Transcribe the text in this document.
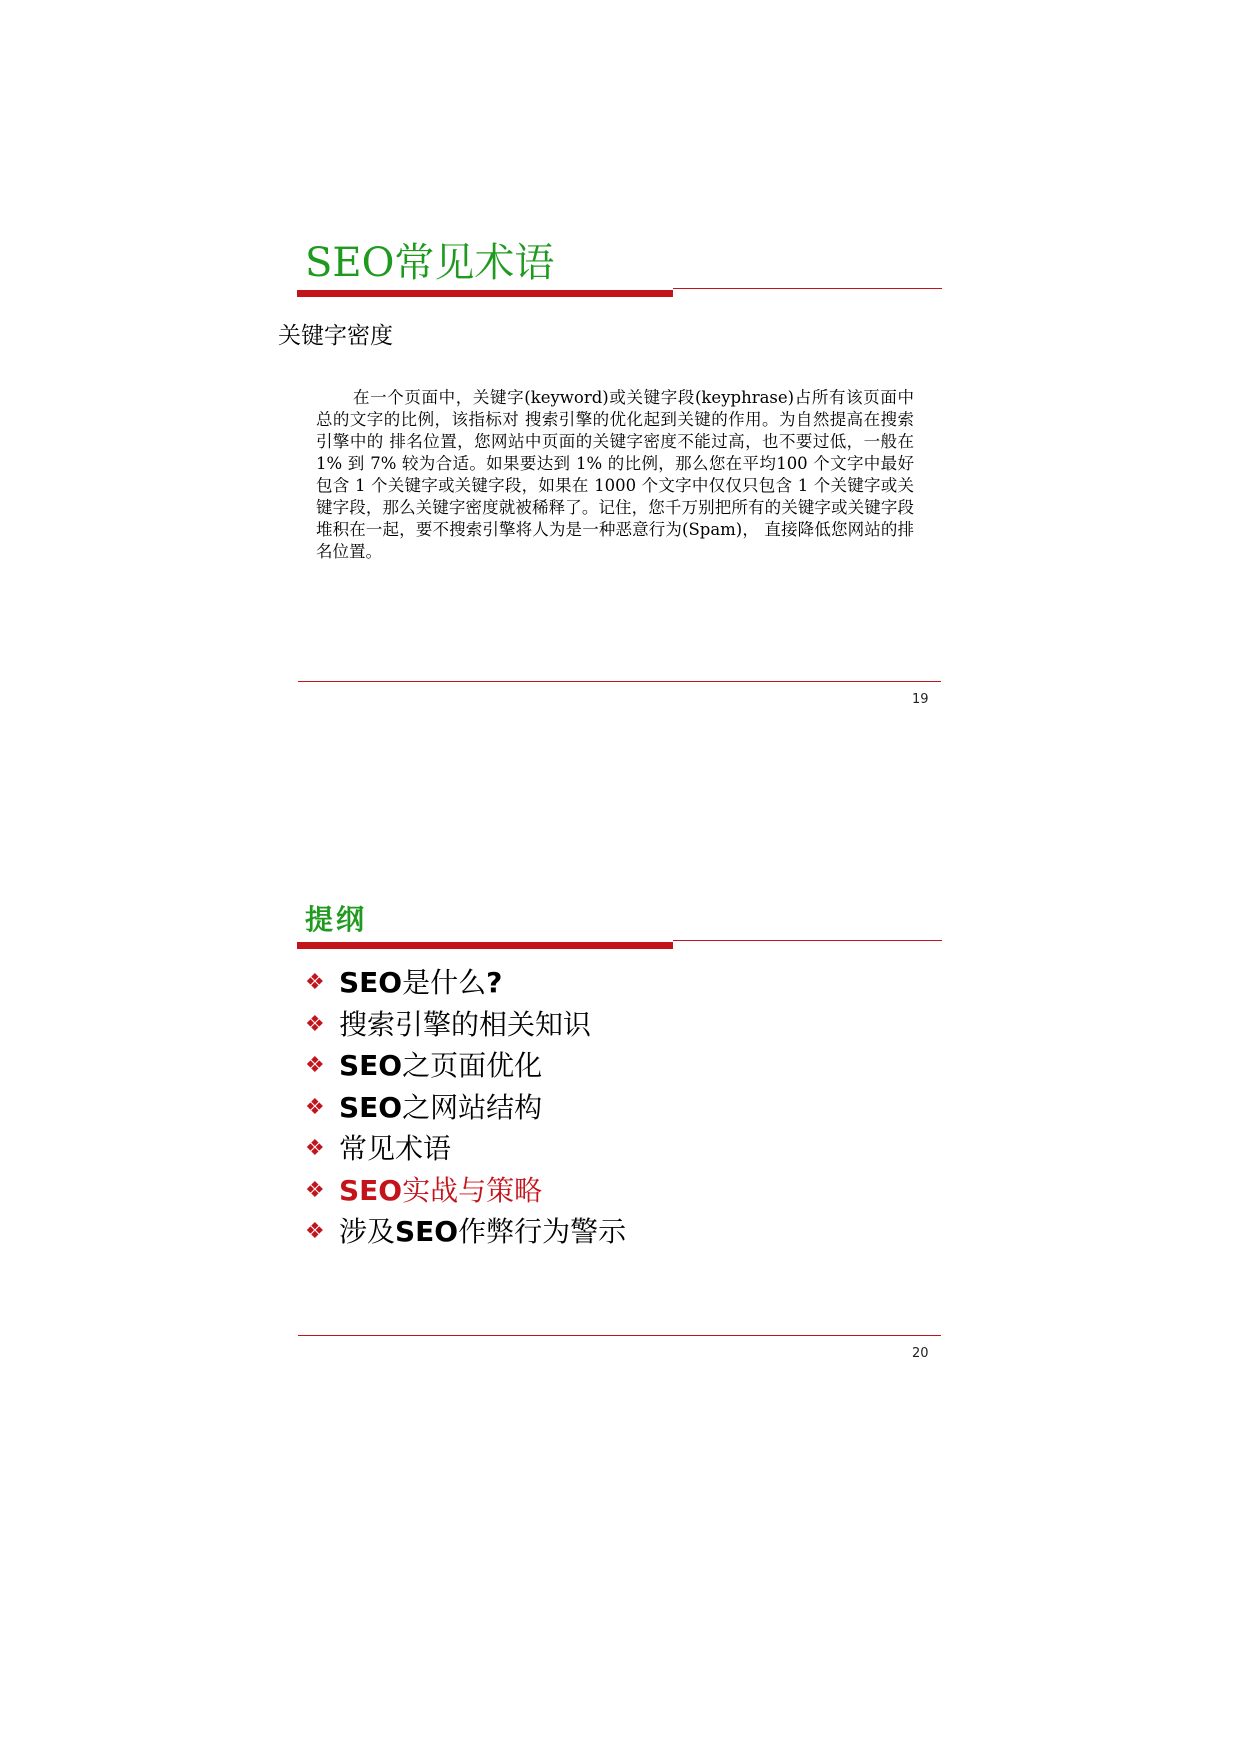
SEO常见术语
关键字密度

在一个页面中，关键字(keyword)或关键字段(keyphrase)占所有该页面中总的文字的比例，该指标对 搜索引擎的优化起到关键的作用。为自然提高在搜索引擎中的 排名位置，您网站中页面的关键字密度不能过高，也不要过低，一般在 1% 到 7% 较为合适。如果要达到 1% 的比例，那么您在平均100 个文字中最好包含 1 个关键字或关键字段，如果在 1000 个文字中仅仅只包含 1 个关键字或关键字段，那么关键字密度就被稀释了。记住，您千万别把所有的关键字或关键字段堆积在一起，要不搜索引擎将人为是一种恶意行为(Spam)， 直接降低您网站的排名位置。

19
提纲
❖ SEO 是什么 ?
❖ 搜索引擎的相关知识
❖ SEO 之页面优化
❖ SEO 之网站结构
❖ 常见术语
❖ SEO 实战与策略
❖ 涉及 SEO 作弊行为警示
20
